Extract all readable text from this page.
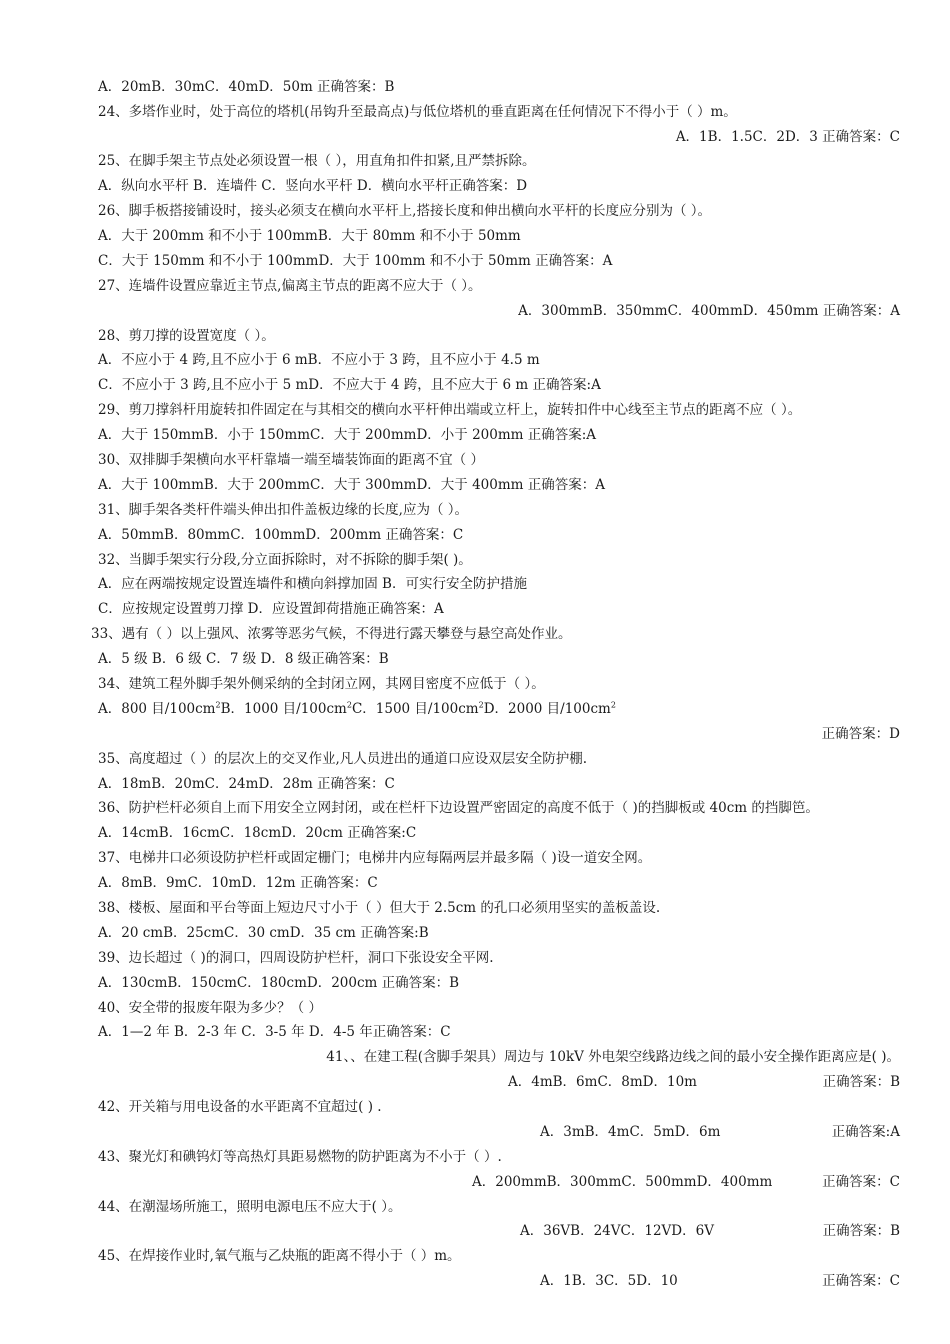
A．20mB．30mC．40mD．50m 正确答案：B
24、多塔作业时，处于高位的塔机(吊钩升至最高点)与低位塔机的垂直距离在任何情况下不得小于（ ）m。
A．1B．1.5C．2D．3 正确答案：C
25、在脚手架主节点处必须设置一根（ ），用直角扣件扣紧,且严禁拆除。
A．纵向水平杆 B．连墙件 C．竖向水平杆 D．横向水平杆正确答案：D
26、脚手板搭接铺设时，接头必须支在横向水平杆上,搭接长度和伸出横向水平杆的长度应分别为（ ）。
A．大于 200mm 和不小于 100mmB．大于 80mm 和不小于 50mm
C．大于 150mm 和不小于 100mmD．大于 100mm 和不小于 50mm 正确答案：A
27、连墙件设置应靠近主节点,偏离主节点的距离不应大于（ ）。
A．300mmB．350mmC．400mmD．450mm 正确答案：A
28、剪刀撑的设置宽度（ ）。
A．不应小于 4 跨,且不应小于 6 mB．不应小于 3 跨，且不应小于 4.5 m
C．不应小于 3 跨,且不应小于 5 mD．不应大于 4 跨，且不应大于 6 m 正确答案:A
29、剪刀撑斜杆用旋转扣件固定在与其相交的横向水平杆伸出端或立杆上，旋转扣件中心线至主节点的距离不应（ ）。
A．大于 150mmB．小于 150mmC．大于 200mmD．小于 200mm 正确答案:A
30、双排脚手架横向水平杆靠墙一端至墙装饰面的距离不宜（ ）
A．大于 100mmB．大于 200mmC．大于 300mmD．大于 400mm 正确答案：A
31、脚手架各类杆件端头伸出扣件盖板边缘的长度,应为（ ）。
A．50mmB．80mmC．100mmD．200mm 正确答案：C
32、当脚手架实行分段,分立面拆除时，对不拆除的脚手架( )。
A．应在两端按规定设置连墙件和横向斜撑加固 B．可实行安全防护措施
C．应按规定设置剪刀撑 D．应设置卸荷措施正确答案：A
33、遇有（ ）以上强风、浓雾等恶劣气候，不得进行露天攀登与悬空高处作业。
A．5 级 B．6 级 C．7 级 D．8 级正确答案：B
34、建筑工程外脚手架外侧采纳的全封闭立网，其网目密度不应低于（ ）。
A．800 目$/100cm^2B$．1000 目$/100cm^2C$．1500 目$/100cm^2D$．2000 目$/100cm^2$
正确答案：D
35、高度超过（ ）的层次上的交叉作业,凡人员进出的通道口应设双层安全防护棚.
A．18mB．20mC．24mD．28m 正确答案：C
36、防护栏杆必须自上而下用安全立网封闭，或在栏杆下边设置严密固定的高度不低于（ )的挡脚板或 40cm 的挡脚笆。
A．14cmB．16cmC．18cmD．20cm 正确答案:C
37、电梯井口必须设防护栏杆或固定栅门；电梯井内应每隔两层并最多隔（ )设一道安全网。
A．8mB．9mC．10mD．12m 正确答案：C
38、楼板、屋面和平台等面上短边尺寸小于（ ）但大于 2.5cm 的孔口必须用坚实的盖板盖设.
A．20 cmB．25cmC．30 cmD．35 cm 正确答案:B
39、边长超过（ )的洞口，四周设防护栏杆，洞口下张设安全平网.
A．130cmB．150cmC．180cmD．200cm 正确答案：B
40、安全带的报废年限为多少？（ ）
A．1—2 年 B．2-3 年 C．3-5 年 D．4-5 年正确答案：C
41、、在建工程(含脚手架具）周边与 10kV 外电架空线路边线之间的最小安全操作距离应是( )。
A．4mB．6mC．8mD．10m	正确答案：B
42、开关箱与用电设备的水平距离不宜超过( ) .
A．3mB．4mC．5mD．6m	正确答案:A
43、聚光灯和碘钨灯等高热灯具距易燃物的防护距离为不小于（ ）.
A．200mmB．300mmC．500mmD．400mm	正确答案：C
44、在潮湿场所施工，照明电源电压不应大于( ）。
A．36VB．24VC．12VD．6V	正确答案：B
45、在焊接作业时,氧气瓶与乙炔瓶的距离不得小于（ ）m。
A．1B．3C．5D．10	正确答案：C
